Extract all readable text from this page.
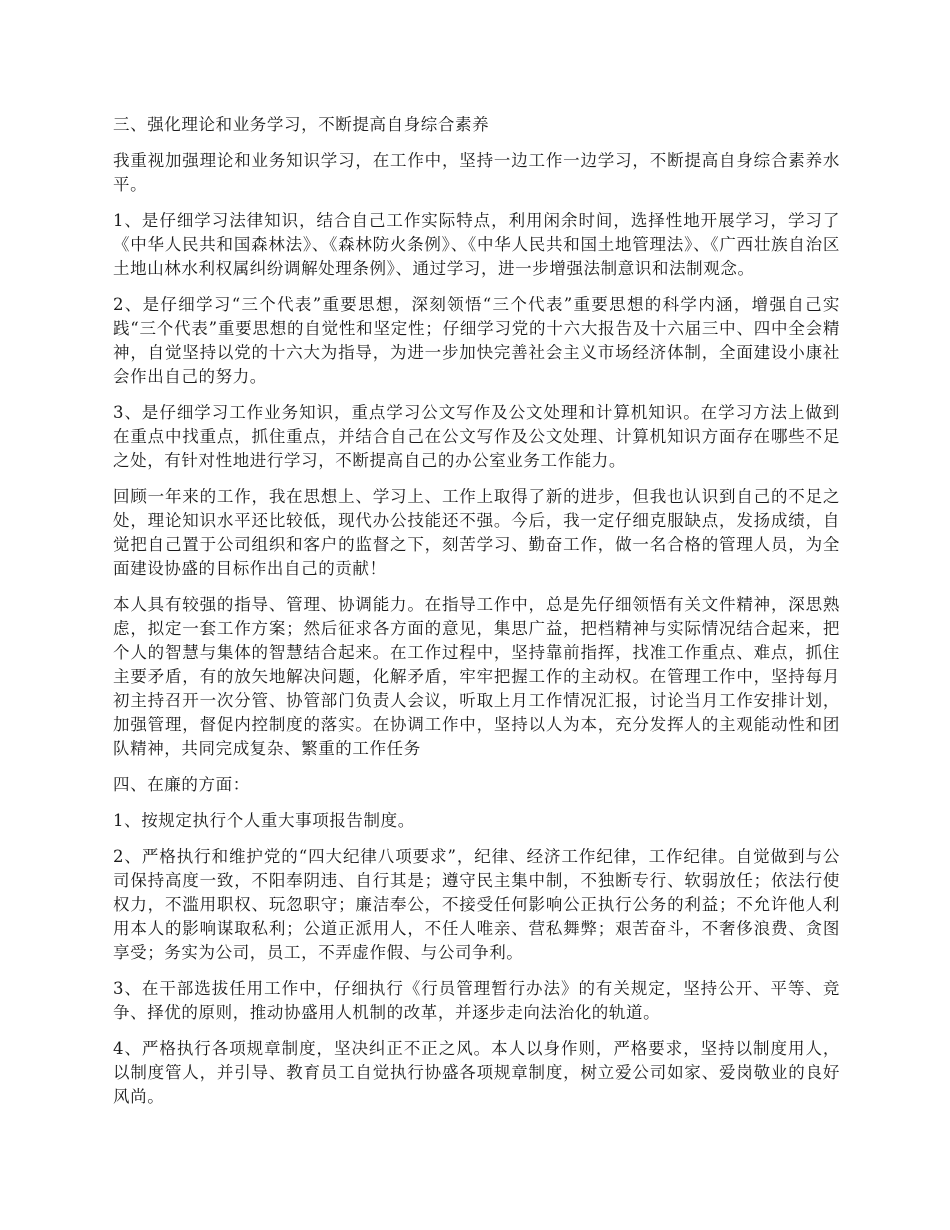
三、强化理论和业务学习，不断提高自身综合素养

我重视加强理论和业务知识学习，在工作中，坚持一边工作一边学习，不断提高自身综合素养水平。

1、是仔细学习法律知识，结合自己工作实际特点，利用闲余时间，选择性地开展学习，学习了《中华人民共和国森林法》、《森林防火条例》、《中华人民共和国土地管理法》、《广西壮族自治区土地山林水利权属纠纷调解处理条例》、通过学习，进一步增强法制意识和法制观念。

2、是仔细学习“三个代表”重要思想，深刻领悟“三个代表”重要思想的科学内涵，增强自己实践“三个代表”重要思想的自觉性和坚定性；仔细学习党的十六大报告及十六届三中、四中全会精神，自觉坚持以党的十六大为指导，为进一步加快完善社会主义市场经济体制，全面建设小康社会作出自己的努力。

3、是仔细学习工作业务知识，重点学习公文写作及公文处理和计算机知识。在学习方法上做到在重点中找重点，抓住重点，并结合自己在公文写作及公文处理、计算机知识方面存在哪些不足之处，有针对性地进行学习，不断提高自己的办公室业务工作能力。

回顾一年来的工作，我在思想上、学习上、工作上取得了新的进步，但我也认识到自己的不足之处，理论知识水平还比较低，现代办公技能还不强。今后，我一定仔细克服缺点，发扬成绩，自觉把自己置于公司组织和客户的监督之下，刻苦学习、勤奋工作，做一名合格的管理人员，为全面建设协盛的目标作出自己的贡献！

本人具有较强的指导、管理、协调能力。在指导工作中，总是先仔细领悟有关文件精神，深思熟虑，拟定一套工作方案；然后征求各方面的意见，集思广益，把档精神与实际情况结合起来，把个人的智慧与集体的智慧结合起来。在工作过程中，坚持靠前指挥，找准工作重点、难点，抓住主要矛盾，有的放矢地解决问题，化解矛盾，牢牢把握工作的主动权。在管理工作中，坚持每月初主持召开一次分管、协管部门负责人会议，听取上月工作情况汇报，讨论当月工作安排计划，加强管理，督促内控制度的落实。在协调工作中，坚持以人为本，充分发挥人的主观能动性和团队精神，共同完成复杂、繁重的工作任务

四、在廉的方面：

1、按规定执行个人重大事项报告制度。

2、严格执行和维护党的“四大纪律八项要求”，纪律、经济工作纪律，工作纪律。自觉做到与公司保持高度一致，不阳奉阴违、自行其是；遵守民主集中制，不独断专行、软弱放任；依法行使权力，不滥用职权、玩忽职守；廉洁奉公，不接受任何影响公正执行公务的利益；不允许他人利用本人的影响谋取私利；公道正派用人，不任人唯亲、营私舞弊；艰苦奋斗，不奢侈浪费、贪图享受；务实为公司，员工，不弄虚作假、与公司争利。

3、在干部选拔任用工作中，仔细执行《行员管理暂行办法》的有关规定，坚持公开、平等、竞争、择优的原则，推动协盛用人机制的改革，并逐步走向法治化的轨道。

4、严格执行各项规章制度，坚决纠正不正之风。本人以身作则，严格要求，坚持以制度用人，以制度管人，并引导、教育员工自觉执行协盛各项规章制度，树立爱公司如家、爱岗敬业的良好风尚。
